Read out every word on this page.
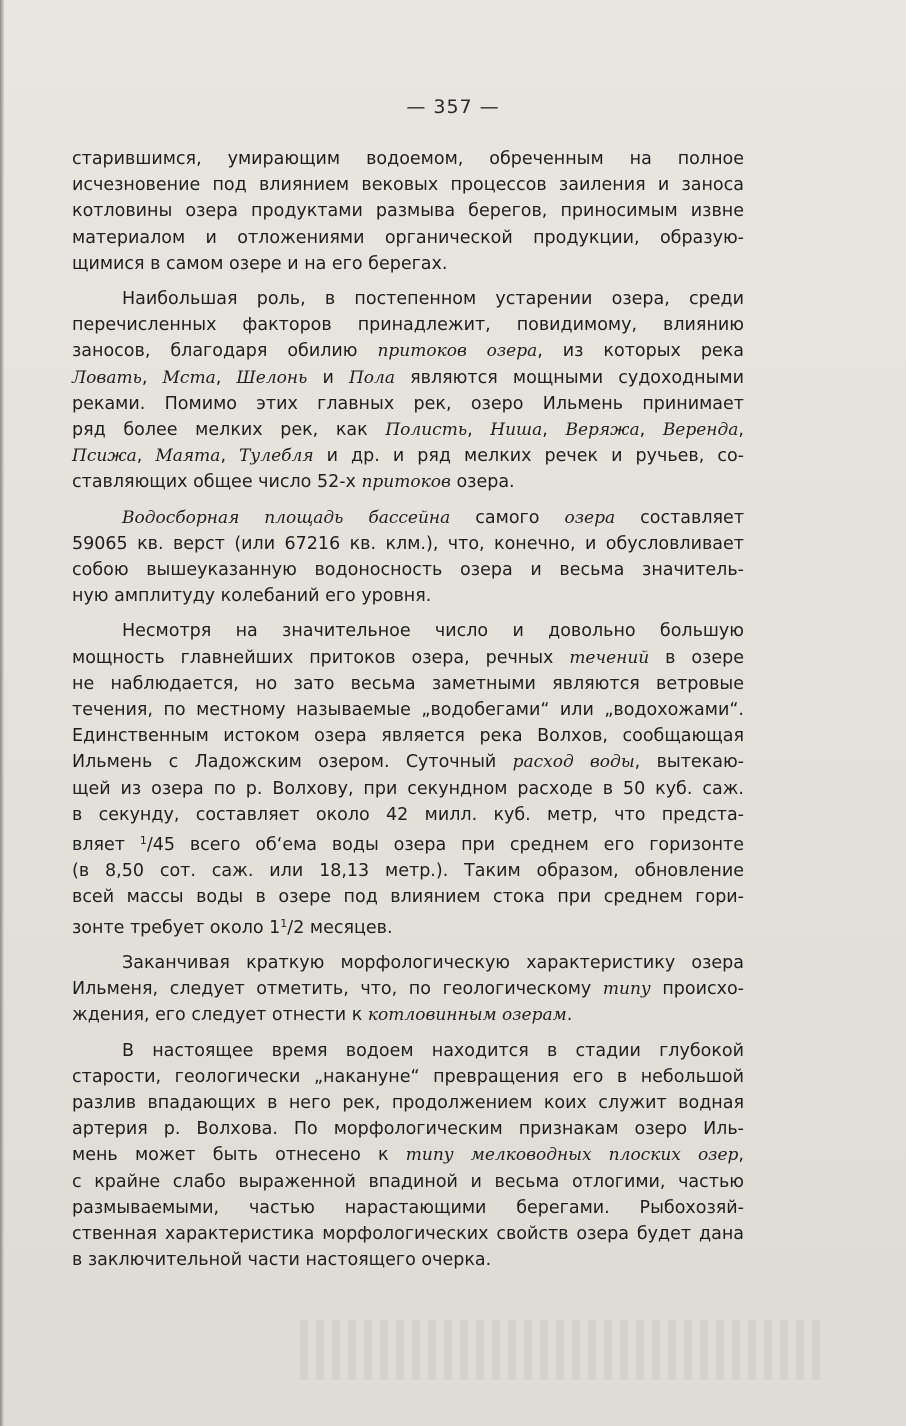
— 357 —

старившимся, умирающим водоемом, обреченным на полное
исчезновение под влиянием вековых процессов заиления и заноса
котловины озера продуктами размыва берегов, приносимым извне
материалом и отложениями органической продукции, образую-
щимися в самом озере и на его берегах.

Наибольшая роль, в постепенном устарении озера, среди
перечисленных факторов принадлежит, повидимому, влиянию
заносов, благодаря обилию притоков озера, из которых река
Ловать, Мста, Шелонь и Пола являются мощными судоходными
реками. Помимо этих главных рек, озеро Ильмень принимает
ряд более мелких рек, как Полисть, Ниша, Веряжа, Веренда,
Псижа, Маята, Тулебля и др. и ряд мелких речек и ручьев, со-
ставляющих общее число 52-х притоков озера.

Водосборная площадь бассейна самого озера составляет
59065 кв. верст (или 67216 кв. клм.), что, конечно, и обусловливает
собою вышеуказанную водоносность озера и весьма значитель-
ную амплитуду колебаний его уровня.

Несмотря на значительное число и довольно большую
мощность главнейших притоков озера, речных течений в озере
не наблюдается, но зато весьма заметными являются ветровые
течения, по местному называемые „водобегами“ или „водохожами“.
Единственным истоком озера является река Волхов, сообщающая
Ильмень с Ладожским озером. Суточный расход воды, вытекаю-
щей из озера по р. Волхову, при секундном расходе в 50 куб. саж.
в секунду, составляет около 42 милл. куб. метр, что предста-
вляет $^1$/45 всего об‘ема воды озера при среднем его горизонте
(в 8,50 сот. саж. или 18,13 метр.). Таким образом, обновление
всей массы воды в озере под влиянием стока при среднем гори-
зонте требует около $1^1/2$ месяцев.

Заканчивая краткую морфологическую характеристику озера
Ильменя, следует отметить, что, по геологическому типу происхо-
ждения, его следует отнести к котловинным озерам.

В настоящее время водоем находится в стадии глубокой
старости, геологически „накануне“ превращения его в небольшой
разлив впадающих в него рек, продолжением коих служит водная
артерия р. Волхова. По морфологическим признакам озеро Иль-
мень может быть отнесено к типу мелководных плоских озер,
с крайне слабо выраженной впадиной и весьма отлогими, частью
размываемыми, частью нарастающими берегами. Рыбохозяй-
ственная характеристика морфологических свойств озера будет дана
в заключительной части настоящего очерка.
